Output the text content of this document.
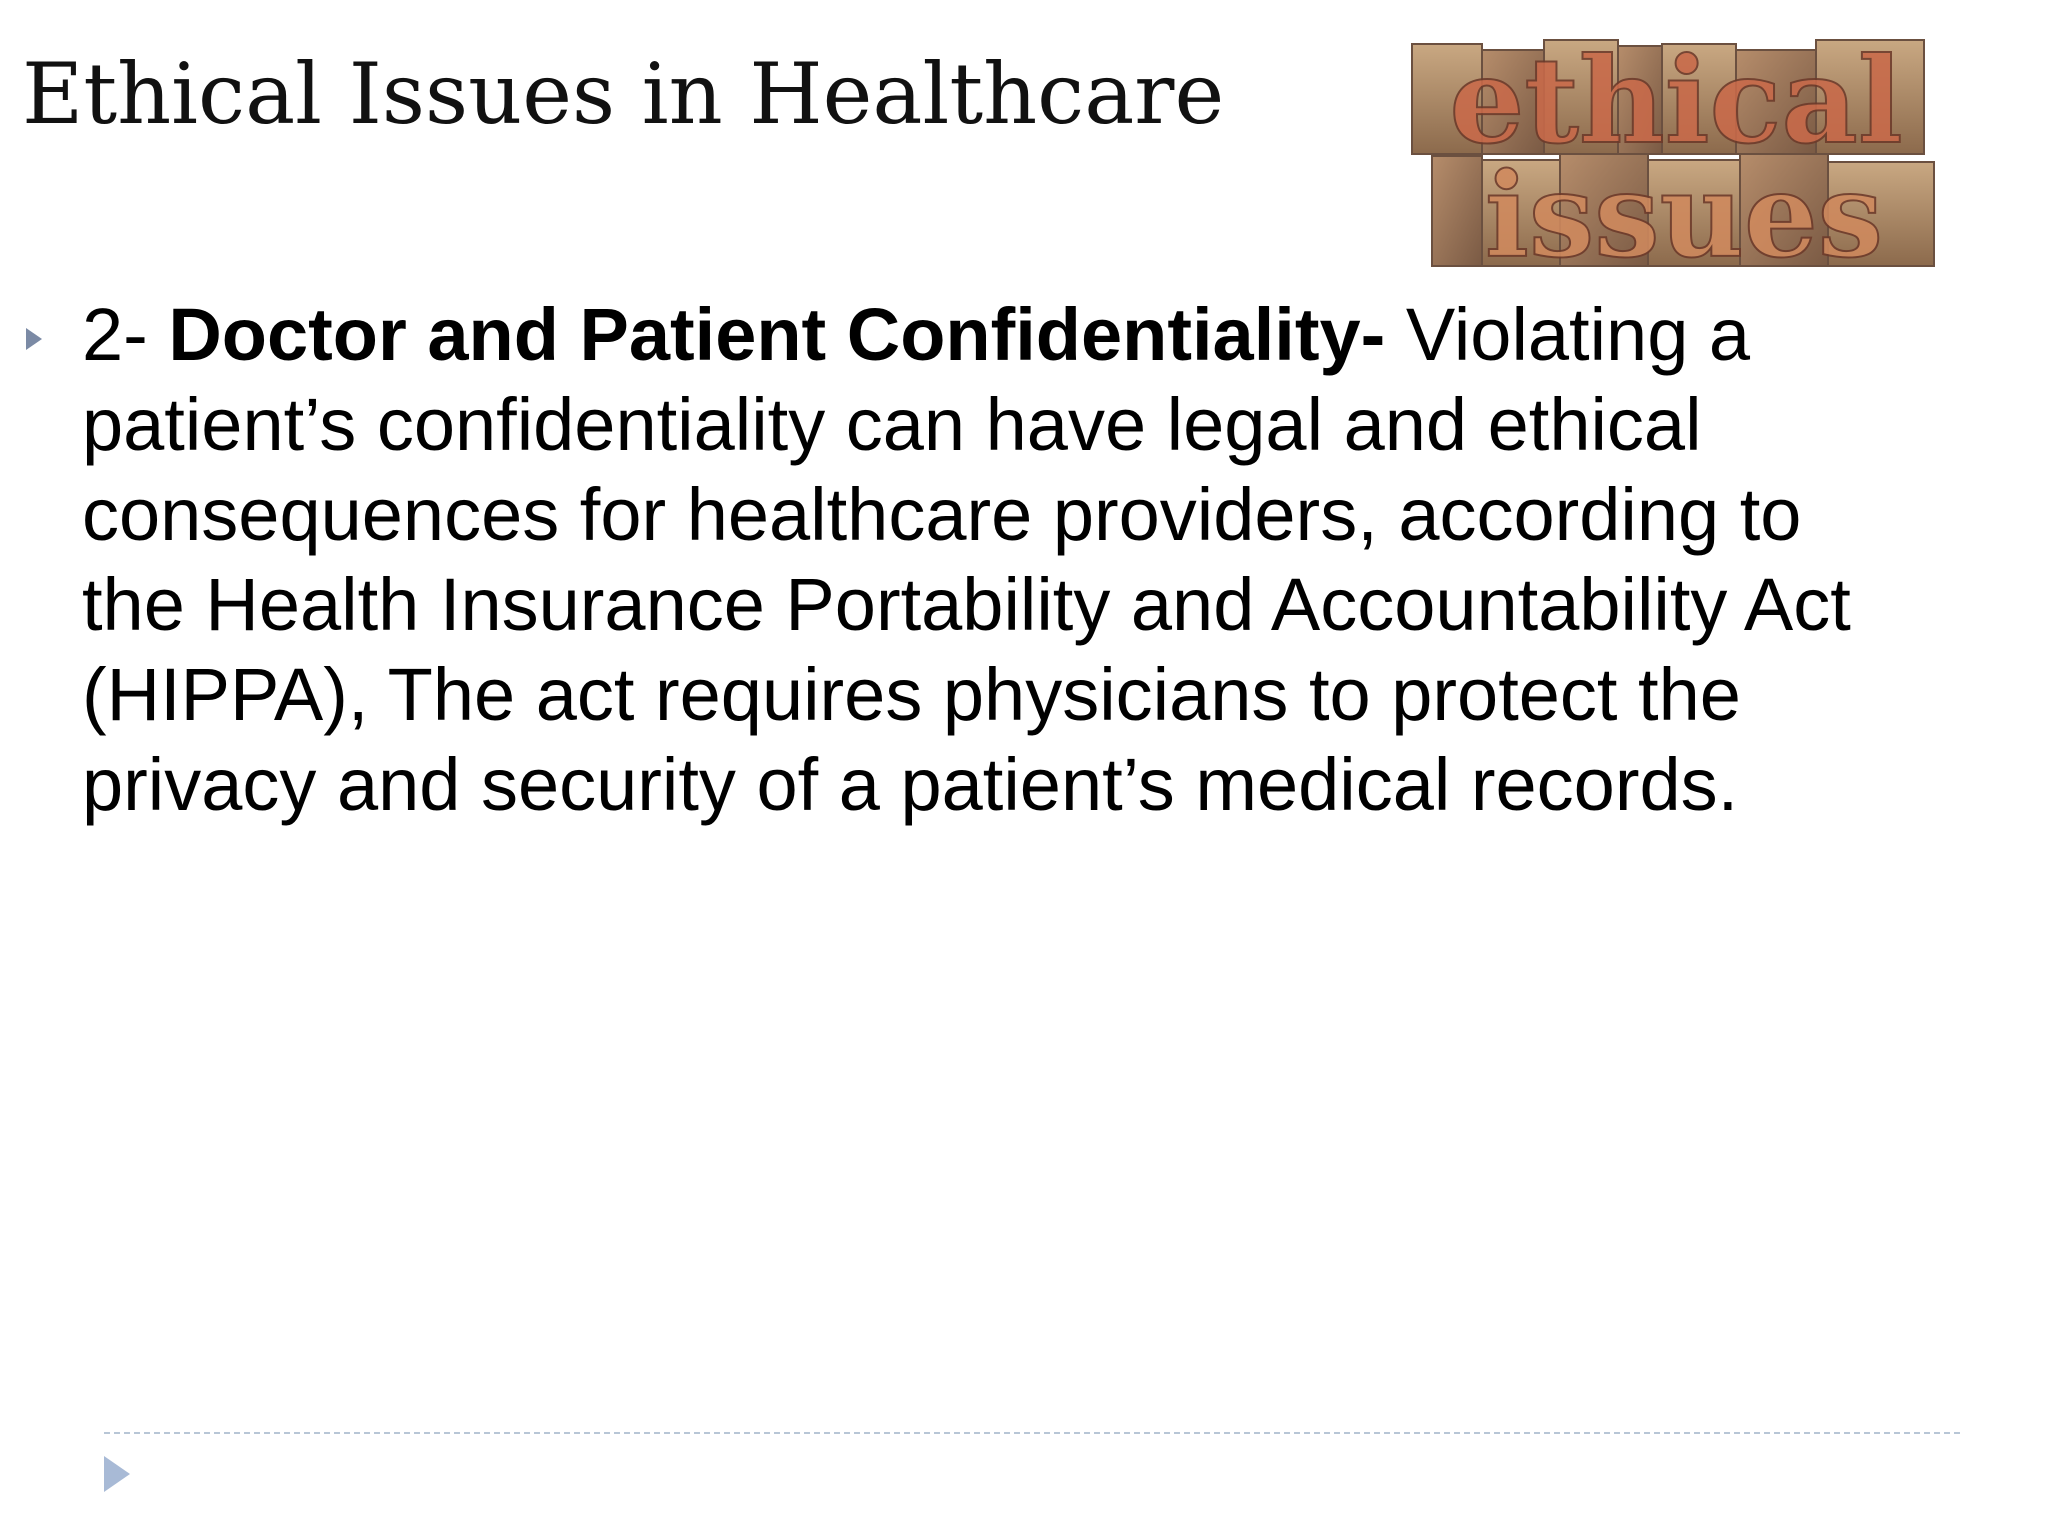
Ethical Issues in Healthcare ethical
issues

2- Doctor and Patient Confidentiality- Violating a patient’s confidentiality can have legal and ethical consequences for healthcare providers, according to the Health Insurance Portability and Accountability Act (HIPPA), The act requires physicians to protect the privacy and security of a patient’s medical records.
